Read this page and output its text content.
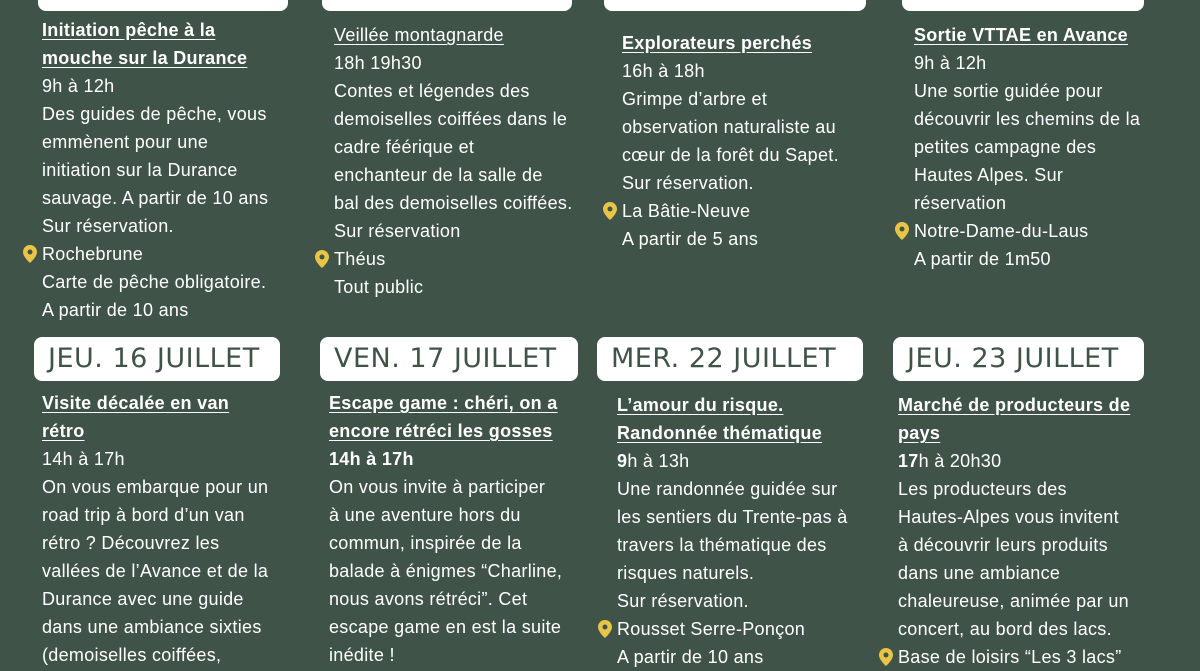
Initiation pêche à la
mouche sur la Durance
9h à 12h
Des guides de pêche, vous
emmènent pour une
initiation sur la Durance
sauvage. A partir de 10 ans
Sur réservation.
Rochebrune
Carte de pêche obligatoire.
A partir de 10 ans
Veillée montagnarde
18h 19h30
Contes et légendes des
demoiselles coiffées dans le
cadre féérique et
enchanteur de la salle de
bal des demoiselles coiffées.
Sur réservation
Théus
Tout public
Explorateurs perchés
16h à 18h
Grimpe d’arbre et
observation naturaliste au
cœur de la forêt du Sapet.
Sur réservation.
La Bâtie-Neuve
A partir de 5 ans
Sortie VTTAE en Avance
9h à 12h
Une sortie guidée pour
découvrir les chemins de la
petites campagne des
Hautes Alpes. Sur
réservation
Notre-Dame-du-Laus
A partir de 1m50
JEU. 16 JUILLET	VEN. 17 JUILLET	MER. 22 JUILLET	JEU. 23 JUILLET
Visite décalée en van
rétro
14h à 17h
On vous embarque pour un
road trip à bord d’un van
rétro ? Découvrez les
vallées de l’Avance et de la
Durance avec une guide
dans une ambiance sixties
(demoiselles coiffées,
Escape game : chéri, on a
encore rétréci les gosses
14h à 17h
On vous invite à participer
à une aventure hors du
commun, inspirée de la
balade à énigmes “Charline,
nous avons rétréci”. Cet
escape game en est la suite
inédite !
L’amour du risque.
Randonnée thématique
9h à 13h
Une randonnée guidée sur
les sentiers du Trente-pas à
travers la thématique des
risques naturels.
Sur réservation.
Rousset Serre-Ponçon
A partir de 10 ans
Marché de producteurs de
pays
17h à 20h30
Les producteurs des
Hautes-Alpes vous invitent
à découvrir leurs produits
dans une ambiance
chaleureuse, animée par un
concert, au bord des lacs.
Base de loisirs “Les 3 lacs”
